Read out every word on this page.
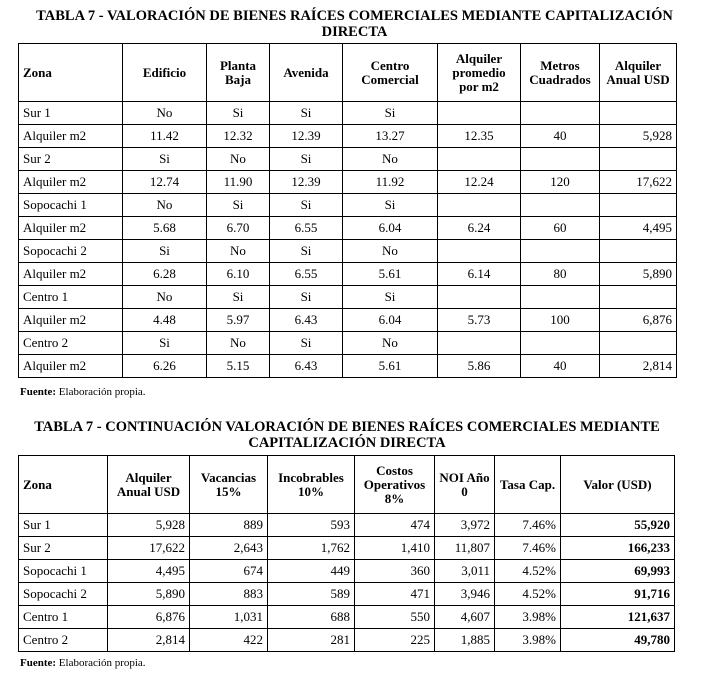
TABLA 7 - VALORACIÓN DE BIENES RAÍCES COMERCIALES MEDIANTE CAPITALIZACIÓN
DIRECTA
Zona	Edificio	Planta Baja	Avenida	Centro Comercial	Alquiler promedio por m2	Metros Cuadrados	Alquiler Anual USD
Sur 1	No	Si	Si	Si			
Alquiler m2	11.42	12.32	12.39	13.27	12.35	40	5,928
Sur 2	Si	No	Si	No			
Alquiler m2	12.74	11.90	12.39	11.92	12.24	120	17,622
Sopocachi 1	No	Si	Si	Si			
Alquiler m2	5.68	6.70	6.55	6.04	6.24	60	4,495
Sopocachi 2	Si	No	Si	No			
Alquiler m2	6.28	6.10	6.55	5.61	6.14	80	5,890
Centro 1	No	Si	Si	Si			
Alquiler m2	4.48	5.97	6.43	6.04	5.73	100	6,876
Centro 2	Si	No	Si	No			
Alquiler m2	6.26	5.15	6.43	5.61	5.86	40	2,814
Fuente: Elaboración propia.
TABLA 7 - CONTINUACIÓN VALORACIÓN DE BIENES RAÍCES COMERCIALES MEDIANTE
CAPITALIZACIÓN DIRECTA
Zona	Alquiler Anual USD	Vacancias 15%	Incobrables 10%	Costos Operativos 8%	NOI Año 0	Tasa Cap.	Valor (USD)
Sur 1	5,928	889	593	474	3,972	7.46%	55,920
Sur 2	17,622	2,643	1,762	1,410	11,807	7.46%	166,233
Sopocachi 1	4,495	674	449	360	3,011	4.52%	69,993
Sopocachi 2	5,890	883	589	471	3,946	4.52%	91,716
Centro 1	6,876	1,031	688	550	4,607	3.98%	121,637
Centro 2	2,814	422	281	225	1,885	3.98%	49,780
Fuente: Elaboración propia.
